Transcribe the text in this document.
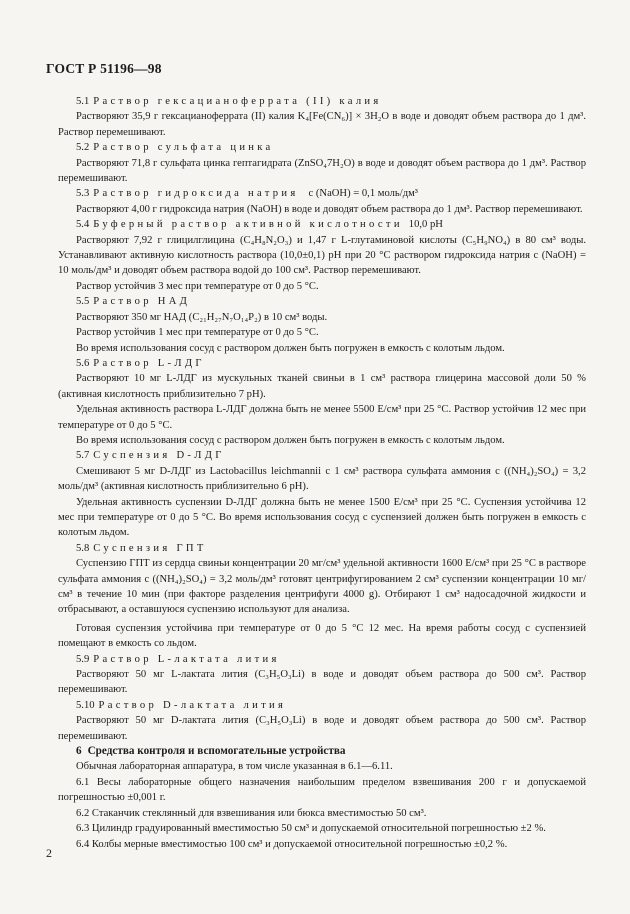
ГОСТ Р 51196—98

5.1 Раствор гексацианоферрата (II) калия

Растворяют 35,9 г гексацианоферрата (II) калия K₄[Fe(CN₆)] × 3H₂O в воде и доводят объем раствора до 1 дм³. Раствор перемешивают.

5.2 Раствор сульфата цинка

Растворяют 71,8 г сульфата цинка гептагидрата (ZnSO₄7H₂O) в воде и доводят объем раствора до 1 дм³. Раствор перемешивают.

5.3 Раствор гидроксида натрия c (NaOH) = 0,1 моль/дм³

Растворяют 4,00 г гидроксида натрия (NaOH) в воде и доводят объем раствора до 1 дм³. Раствор перемешивают.

5.4 Буферный раствор активной кислотности 10,0 pH

Растворяют 7,92 г глицилглицина (C₄H₈N₂O₃) и 1,47 г L-глутаминовой кислоты (C₅H₉NO₄) в 80 см³ воды. Устанавливают активную кислотность раствора (10,0±0,1) pH при 20 °С раствором гидроксида натрия c (NaOH) = 10 моль/дм³ и доводят объем раствора водой до 100 см³. Раствор перемешивают.

Раствор устойчив 3 мес при температуре от 0 до 5 °С.

5.5 Раствор НАД

Растворяют 350 мг НАД (C₂₁H₂₇N₇O₁₄P₂) в 10 см³ воды.

Раствор устойчив 1 мес при температуре от 0 до 5 °С.

Во время использования сосуд с раствором должен быть погружен в емкость с колотым льдом.

5.6 Раствор L-ЛДГ

Растворяют 10 мг L-ЛДГ из мускульных тканей свиньи в 1 см³ раствора глицерина массовой доли 50 % (активная кислотность приблизительно 7 pH).

Удельная активность раствора L-ЛДГ должна быть не менее 5500 Е/см³ при 25 °С. Раствор устойчив 12 мес при температуре от 0 до 5 °С.

Во время использования сосуд с раствором должен быть погружен в емкость с колотым льдом.

5.7 Суспензия D-ЛДГ

Смешивают 5 мг D-ЛДГ из Lactobacillus leichmannii с 1 см³ раствора сульфата аммония c ((NH₄)₂SO₄) = 3,2 моль/дм³ (активная кислотность приблизительно 6 pH).

Удельная активность суспензии D-ЛДГ должна быть не менее 1500 Е/см³ при 25 °С. Суспензия устойчива 12 мес при температуре от 0 до 5 °С. Во время использования сосуд с суспензией должен быть погружен в емкость с колотым льдом.

5.8 Суспензия ГПТ

Суспензию ГПТ из сердца свиньи концентрации 20 мг/см³ удельной активности 1600 Е/см³ при 25 °С в растворе сульфата аммония c ((NH₄)₂SO₄) = 3,2 моль/дм³ готовят центрифугированием 2 см³ суспензии концентрации 10 мг/см³ в течение 10 мин (при факторе разделения центрифуги 4000 g). Отбирают 1 см³ надосадочной жидкости и отбрасывают, а оставшуюся суспензию используют для анализа.

Готовая суспензия устойчива при температуре от 0 до 5 °С 12 мес. На время работы сосуд с суспензией помещают в емкость со льдом.

5.9 Раствор L-лактата лития

Растворяют 50 мг L-лактата лития (C₃H₅O₃Li) в воде и доводят объем раствора до 500 см³. Раствор перемешивают.

5.10 Раствор D-лактата лития

Растворяют 50 мг D-лактата лития (C₃H₅O₃Li) в воде и доводят объем раствора до 500 см³. Раствор перемешивают.

6 Средства контроля и вспомогательные устройства

Обычная лабораторная аппаратура, в том числе указанная в 6.1—6.11.

6.1 Весы лабораторные общего назначения наибольшим пределом взвешивания 200 г и допускаемой погрешностью ±0,001 г.

6.2 Стаканчик стеклянный для взвешивания или бюкса вместимостью 50 см³.

6.3 Цилиндр градуированный вместимостью 50 см³ и допускаемой относительной погрешностью ±2 %.

6.4 Колбы мерные вместимостью 100 см³ и допускаемой относительной погрешностью ±0,2 %.

2
